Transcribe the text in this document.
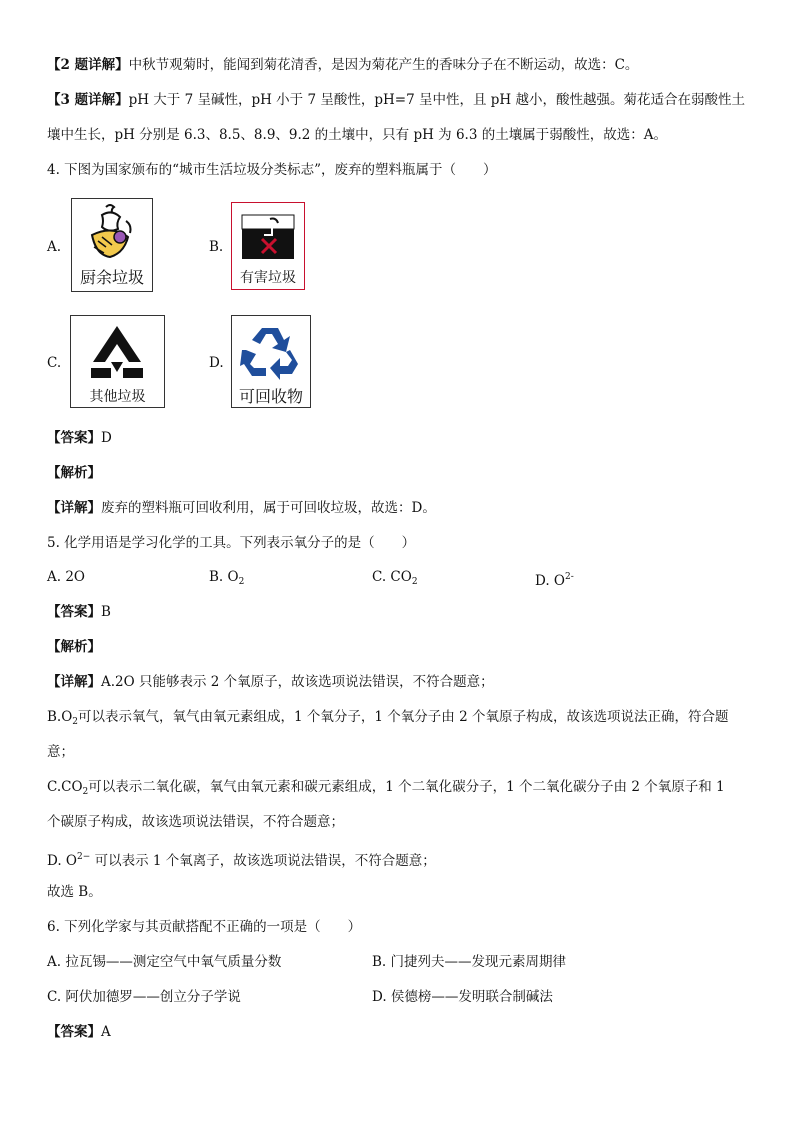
【2 题详解】中秋节观菊时，能闻到菊花清香，是因为菊花产生的香味分子在不断运动，故选：C。
【3 题详解】pH 大于 7 呈碱性，pH 小于 7 呈酸性，pH=7 呈中性，且 pH 越小，酸性越强。菊花适合在弱酸性土
壤中生长，pH 分别是 6.3、8.5、8.9、9.2 的土壤中，只有 pH 为 6.3 的土壤属于弱酸性，故选：A。
4. 下图为国家颁布的“城市生活垃圾分类标志”，废弃的塑料瓶属于（　　）
A.
厨余垃圾
B.
有害垃圾
C.
其他垃圾
D.
可回收物
【答案】D
【解析】
【详解】废弃的塑料瓶可回收利用，属于可回收垃圾，故选：D。
5. 化学用语是学习化学的工具。下列表示氧分子的是（　　）
A. 2O	B. $O_2$	C. $CO_2$	D. $O^{2-}$
【答案】B
【解析】
【详解】A.2O 只能够表示 2 个氧原子，故该选项说法错误，不符合题意；
$B.O_2$可以表示氧气，氧气由氧元素组成，1 个氧分子，1 个氧分子由 2 个氧原子构成，故该选项说法正确，符合题
意；
$C.CO_2$可以表示二氧化碳，氧气由氧元素和碳元素组成，1 个二氧化碳分子，1 个二氧化碳分子由 2 个氧原子和 1
个碳原子构成，故该选项说法错误，不符合题意；
D. $O^{2-}$ 可以表示 1 个氧离子，故该选项说法错误，不符合题意；
故选 B。
6. 下列化学家与其贡献搭配不正确的一项是（　　）
A. 拉瓦锡——测定空气中氧气质量分数	B. 门捷列夫——发现元素周期律
C. 阿伏加德罗——创立分子学说	D. 侯德榜——发明联合制碱法
【答案】A
